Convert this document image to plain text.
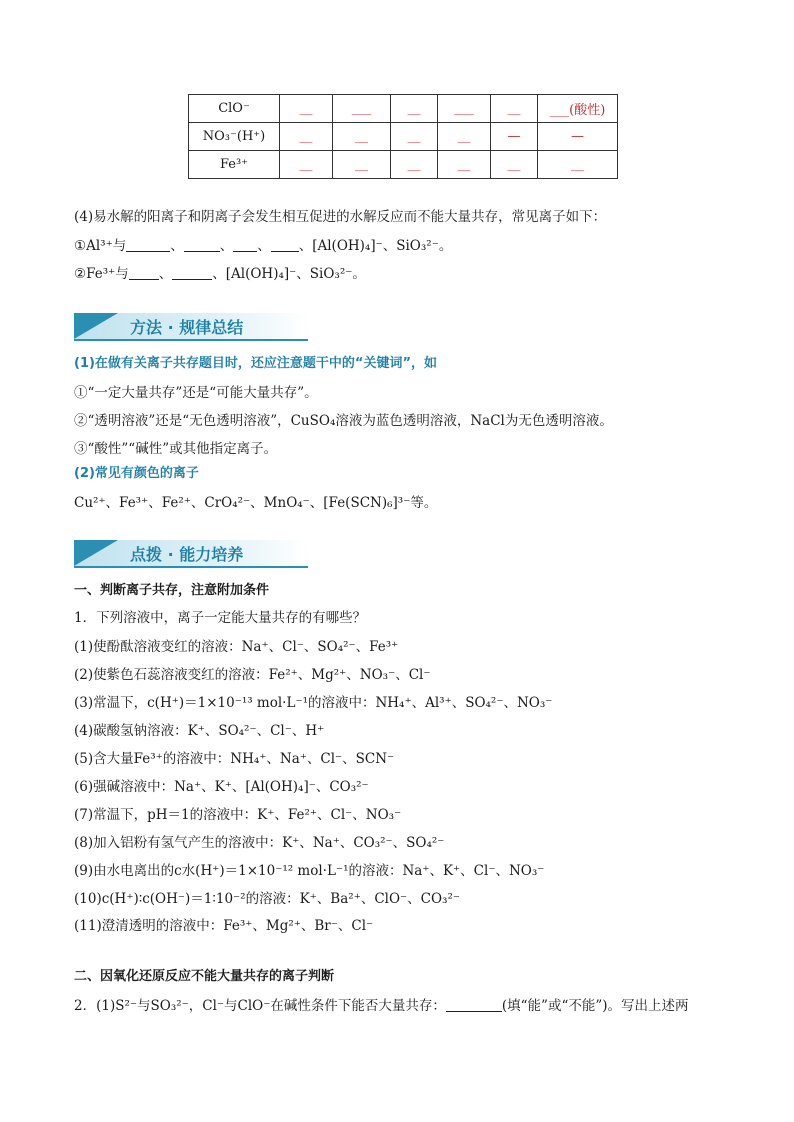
ClO⁻	__	___	__	___	__	___(酸性)
NO₃⁻(H⁺)	__	__	__	__	—	—
Fe³⁺	__	__	__	__	__	__
(4)易水解的阳离子和阴离子会发生相互促进的水解反应而不能大量共存，常见离子如下：
①Al³⁺与	、	、 、 、[Al(OH)₄]⁻、SiO₃²⁻。
②Fe³⁺与 、	、[Al(OH)₄]⁻、SiO₃²⁻。
方法 · 规律总结
(1)在做有关离子共存题目时，还应注意题干中的“关键词”，如
①“一定大量共存”还是“可能大量共存”。
②“透明溶液”还是“无色透明溶液”，CuSO₄溶液为蓝色透明溶液，NaCl为无色透明溶液。
③“酸性”“碱性”或其他指定离子。
(2)常见有颜色的离子
Cu²⁺、Fe³⁺、Fe²⁺、CrO₄²⁻、MnO₄⁻、[Fe(SCN)₆]³⁻等。
点拨 · 能力培养
一、判断离子共存，注意附加条件
1．下列溶液中，离子一定能大量共存的有哪些？
(1)使酚酞溶液变红的溶液：Na⁺、Cl⁻、SO₄²⁻、Fe³⁺
(2)使紫色石蕊溶液变红的溶液：Fe²⁺、Mg²⁺、NO₃⁻、Cl⁻
(3)常温下，c(H⁺)＝1×10⁻¹³ mol·L⁻¹的溶液中：NH₄⁺、Al³⁺、SO₄²⁻、NO₃⁻
(4)碳酸氢钠溶液：K⁺、SO₄²⁻、Cl⁻、H⁺
(5)含大量Fe³⁺的溶液中：NH₄⁺、Na⁺、Cl⁻、SCN⁻
(6)强碱溶液中：Na⁺、K⁺、[Al(OH)₄]⁻、CO₃²⁻
(7)常温下，pH＝1的溶液中：K⁺、Fe²⁺、Cl⁻、NO₃⁻
(8)加入铝粉有氢气产生的溶液中：K⁺、Na⁺、CO₃²⁻、SO₄²⁻
(9)由水电离出的c水(H⁺)＝1×10⁻¹² mol·L⁻¹的溶液：Na⁺、K⁺、Cl⁻、NO₃⁻
(10)c(H⁺)∶c(OH⁻)＝1∶10⁻²的溶液：K⁺、Ba²⁺、ClO⁻、CO₃²⁻
(11)澄清透明的溶液中：Fe³⁺、Mg²⁺、Br⁻、Cl⁻
二、因氧化还原反应不能大量共存的离子判断
2．(1)S²⁻与SO₃²⁻，Cl⁻与ClO⁻在碱性条件下能否大量共存：	(填“能”或“不能”)。写出上述两
